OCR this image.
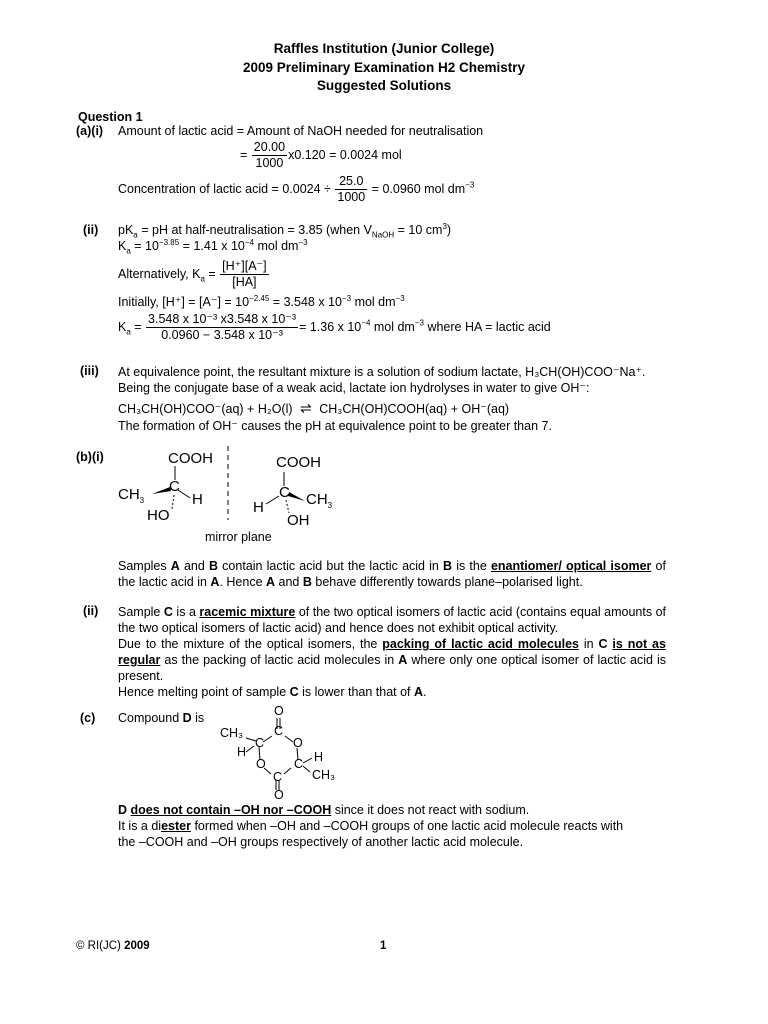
Raffles Institution (Junior College)
2009 Preliminary Examination H2 Chemistry
Suggested Solutions
Question 1
(a)(i) Amount of lactic acid = Amount of NaOH needed for neutralisation
= $\frac{20.00}{1000} x0.120 = 0.0024$ mol
Concentration of lactic acid = $0.0024 \div \frac{25.0}{1000} = 0.0960$ mol $dm^{-3}$
(ii) $pK_a$ = pH at half-neutralisation = 3.85 (when $V_{NaOH} = 10$ $cm^3$)
$K_a = 10^{-3.85} = 1.41$ x $10^{-4}$ mol $dm^{-3}$
Alternatively, $K_a = \frac{[H^+][A^-]}{[HA]}$
Initially, $[H^+] = [A^-] = 10^{-2.45} = 3.548$ x $10^{-3}$ mol $dm^{-3}$
$K_a = \frac{\text{3.548 x 10⁻³ x3.548 x 10⁻³}}{\text{0.0960 − 3.548 x 10⁻³}} = 1.36$ x $10^{-4}$ mol $dm^{-3}$ where HA = lactic acid
(iii) At equivalence point, the resultant mixture is a solution of sodium lactate, H₃CH(OH)COO⁻Na⁺.
Being the conjugate base of a weak acid, lactate ion hydrolyses in water to give OH⁻:
CH₃CH(OH)COO⁻(aq) + H₂O(l) ⇌ CH₃CH(OH)COOH(aq) + OH⁻(aq)
The formation of OH⁻ causes the pH at equivalence point to be greater than 7.
(b)(i)	COOH
C
$CH_3$	H
HO
COOH
C
H	$CH_3$
OH
mirror plane
Samples A and B contain lactic acid but the lactic acid in B is the enantiomer/ optical isomer of the lactic acid in A. Hence A and B behave differently towards plane–polarised light.
(ii) Sample C is a racemic mixture of the two optical isomers of lactic acid (contains equal amounts of the two optical isomers of lactic acid) and hence does not exhibit optical activity.
Due to the mixture of the optical isomers, the packing of lactic acid molecules in C is not as regular as the packing of lactic acid molecules in A where only one optical isomer of lactic acid is present.
Hence melting point of sample C is lower than that of A.
(c) Compound D is	O
C
CH₃
C O
H
O C H
CH₃
C
O
D does not contain –OH nor –COOH since it does not react with sodium.
It is a diester formed when –OH and –COOH groups of one lactic acid molecule reacts with
the –COOH and –OH groups respectively of another lactic acid molecule.
© RI(JC) 2009	1
